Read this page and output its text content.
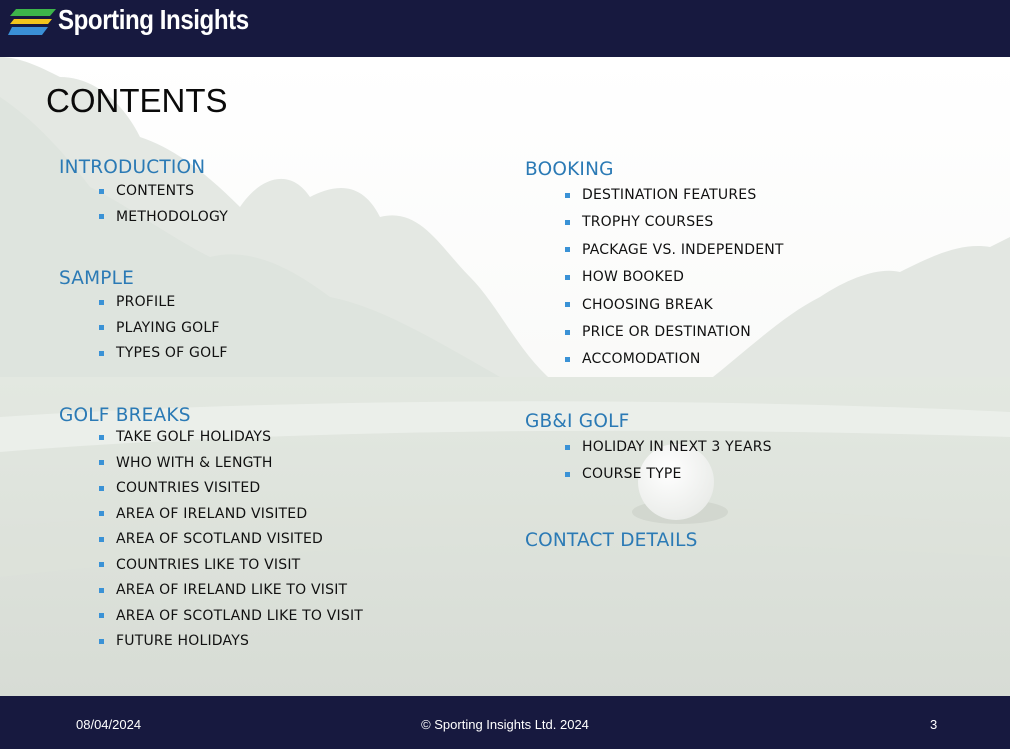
Sporting Insights
CONTENTS
INTRODUCTION
CONTENTS
METHODOLOGY
SAMPLE
PROFILE
PLAYING GOLF
TYPES OF GOLF
GOLF BREAKS
TAKE GOLF HOLIDAYS
WHO WITH & LENGTH
COUNTRIES VISITED
AREA OF IRELAND VISITED
AREA OF SCOTLAND VISITED
COUNTRIES LIKE TO VISIT
AREA OF IRELAND LIKE TO VISIT
AREA OF SCOTLAND LIKE TO VISIT
FUTURE HOLIDAYS
BOOKING
DESTINATION FEATURES
TROPHY COURSES
PACKAGE VS. INDEPENDENT
HOW BOOKED
CHOOSING BREAK
PRICE OR DESTINATION
ACCOMODATION
GB&I GOLF
HOLIDAY IN NEXT 3 YEARS
COURSE TYPE
CONTACT DETAILS
08/04/2024	© Sporting Insights Ltd. 2024	3
